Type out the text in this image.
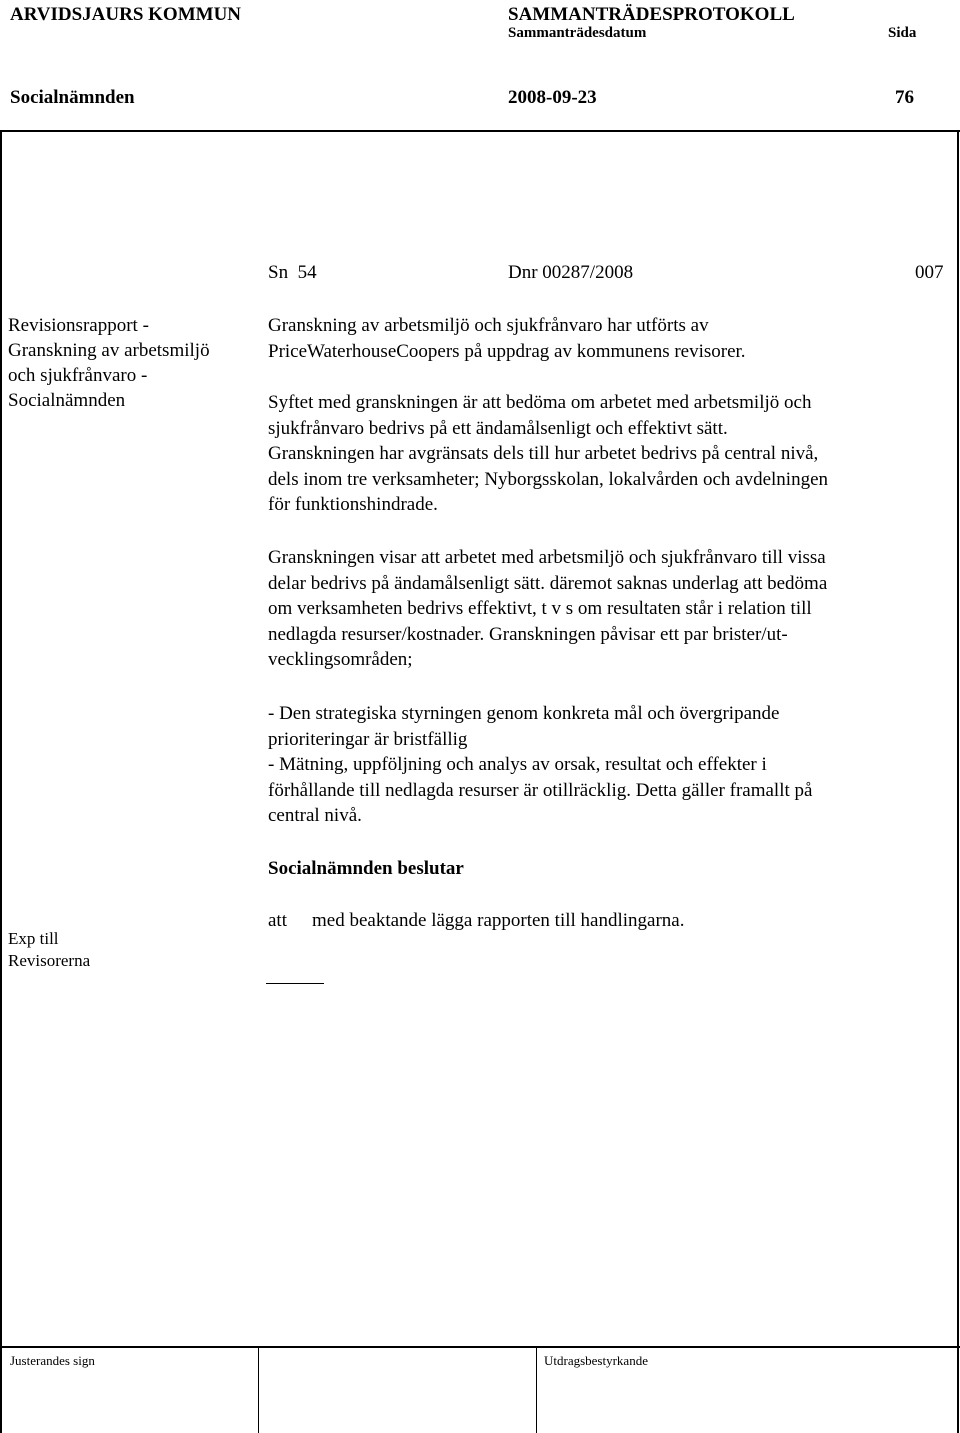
ARVIDSJAURS KOMMUN	SAMMANTRÄDESPROTOKOLL
Sammanträdesdatum	Sida
Socialnämnden	2008-09-23	76
Sn  54	Dnr 00287/2008	007
Revisionsrapport -
Granskning av arbetsmiljö
och sjukfrånvaro -
Socialnämnden
Granskning av arbetsmiljö och sjukfrånvaro har utförts av
PriceWaterhouseCoopers på uppdrag av kommunens revisorer.
Syftet med granskningen är att bedöma om arbetet med arbetsmiljö och
sjukfrånvaro bedrivs på ett ändamålsenligt och effektivt sätt.
Granskningen har avgränsats dels till hur arbetet bedrivs på central nivå,
dels inom tre verksamheter; Nyborgsskolan, lokalvården och avdelningen
för funktionshindrade.
Granskningen visar att arbetet med arbetsmiljö och sjukfrånvaro till vissa
delar bedrivs på ändamålsenligt sätt. däremot saknas underlag att bedöma
om verksamheten bedrivs effektivt, t v s om resultaten står i relation till
nedlagda resurser/kostnader. Granskningen påvisar ett par brister/ut-
vecklingsområden;
- Den strategiska styrningen genom konkreta mål och övergripande
prioriteringar är bristfällig
- Mätning, uppföljning och analys av orsak, resultat och effekter i
förhållande till nedlagda resurser är otillräcklig. Detta gäller framallt på
central nivå.
Socialnämnden beslutar
att med beaktande lägga rapporten till handlingarna.
Exp till
Revisorerna
Justerandes sign	Utdragsbestyrkande
